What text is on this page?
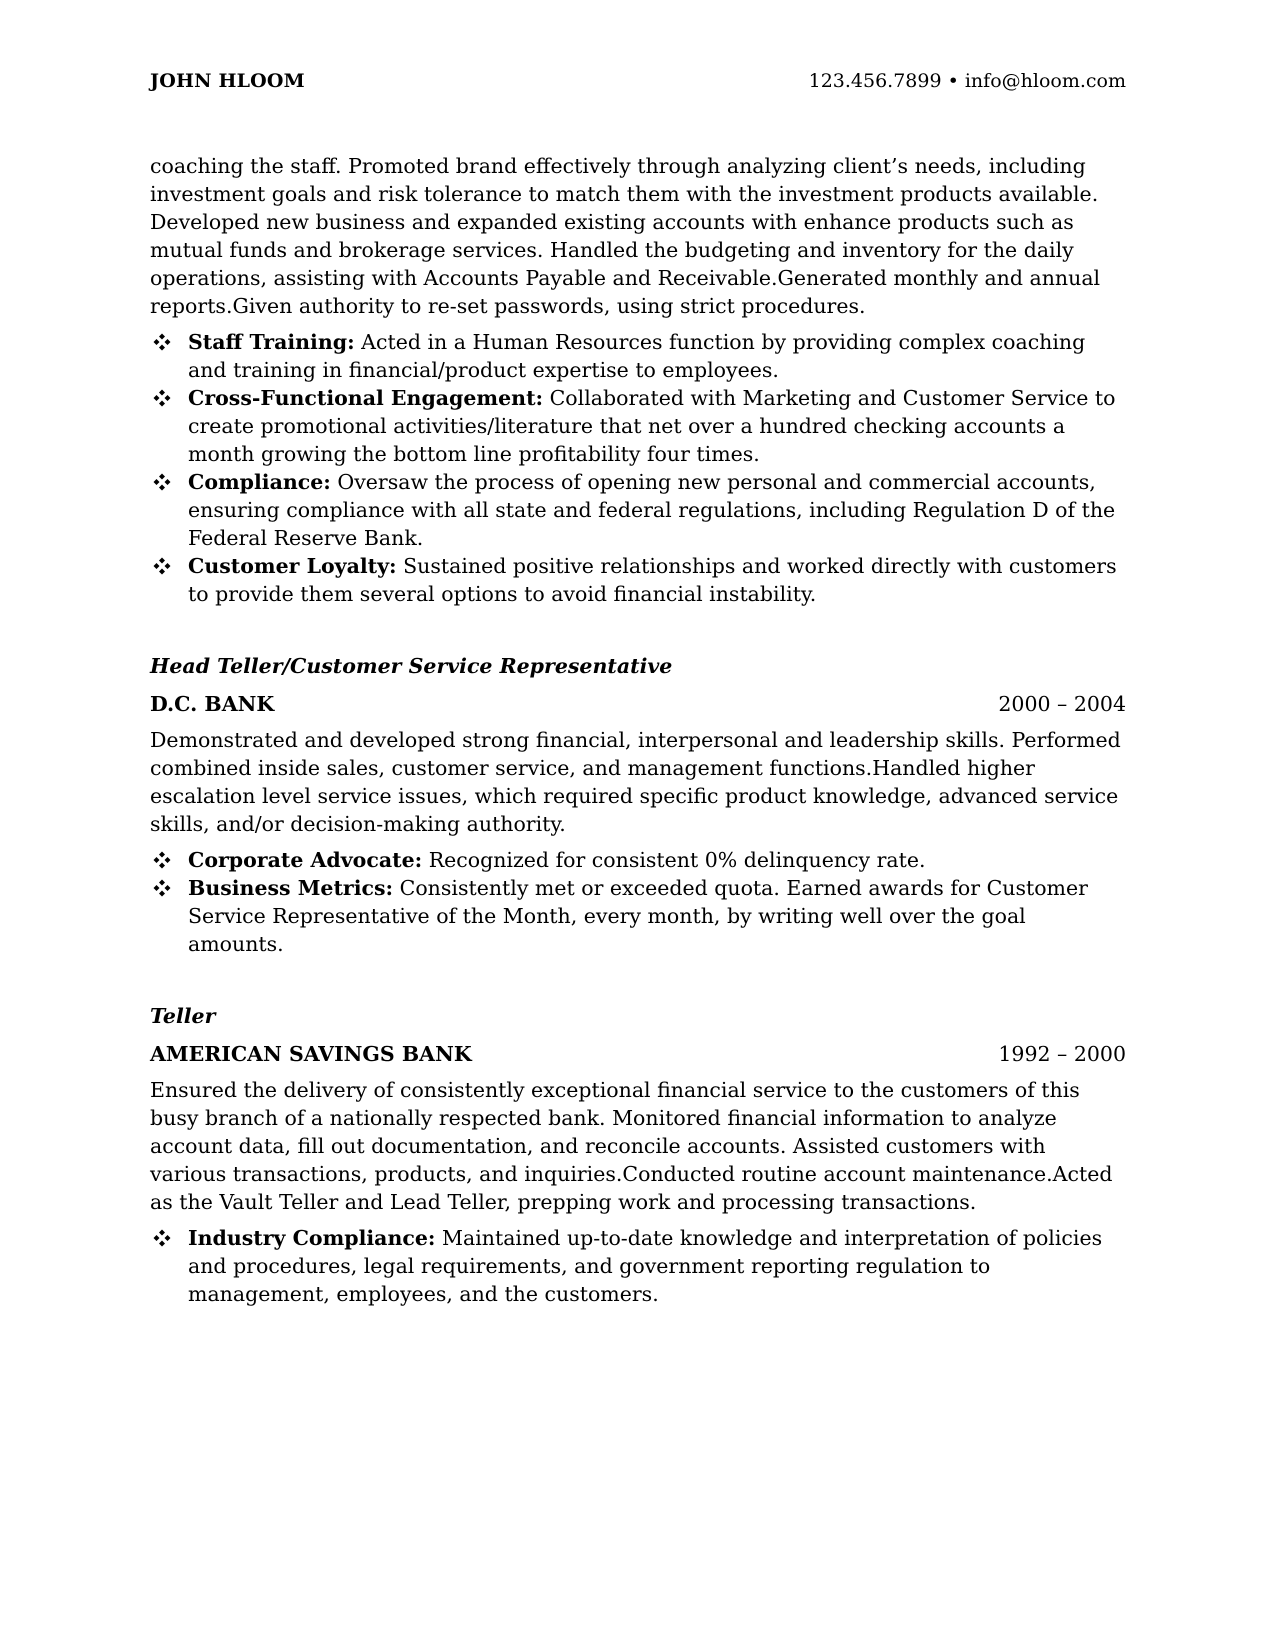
JOHN HLOOM	123.456.7899 • info@hloom.com

coaching the staff. Promoted brand effectively through analyzing client’s needs, including investment goals and risk tolerance to match them with the investment products available. Developed new business and expanded existing accounts with enhance products such as mutual funds and brokerage services. Handled the budgeting and inventory for the daily operations, assisting with Accounts Payable and Receivable.Generated monthly and annual reports.Given authority to re-set passwords, using strict procedures.

Staff Training: Acted in a Human Resources function by providing complex coaching and training in financial/product expertise to employees.
Cross-Functional Engagement: Collaborated with Marketing and Customer Service to create promotional activities/literature that net over a hundred checking accounts a month growing the bottom line profitability four times.
Compliance: Oversaw the process of opening new personal and commercial accounts, ensuring compliance with all state and federal regulations, including Regulation D of the Federal Reserve Bank.
Customer Loyalty: Sustained positive relationships and worked directly with customers to provide them several options to avoid financial instability.

Head Teller/Customer Service Representative

D.C. BANK	2000 – 2004

Demonstrated and developed strong financial, interpersonal and leadership skills. Performed combined inside sales, customer service, and management functions.Handled higher escalation level service issues, which required specific product knowledge, advanced service skills, and/or decision-making authority.

Corporate Advocate: Recognized for consistent 0% delinquency rate.
Business Metrics: Consistently met or exceeded quota. Earned awards for Customer Service Representative of the Month, every month, by writing well over the goal amounts.

Teller

AMERICAN SAVINGS BANK	1992 – 2000

Ensured the delivery of consistently exceptional financial service to the customers of this busy branch of a nationally respected bank. Monitored financial information to analyze account data, fill out documentation, and reconcile accounts. Assisted customers with various transactions, products, and inquiries.Conducted routine account maintenance.Acted as the Vault Teller and Lead Teller, prepping work and processing transactions.

Industry Compliance: Maintained up-to-date knowledge and interpretation of policies and procedures, legal requirements, and government reporting regulation to management, employees, and the customers.
